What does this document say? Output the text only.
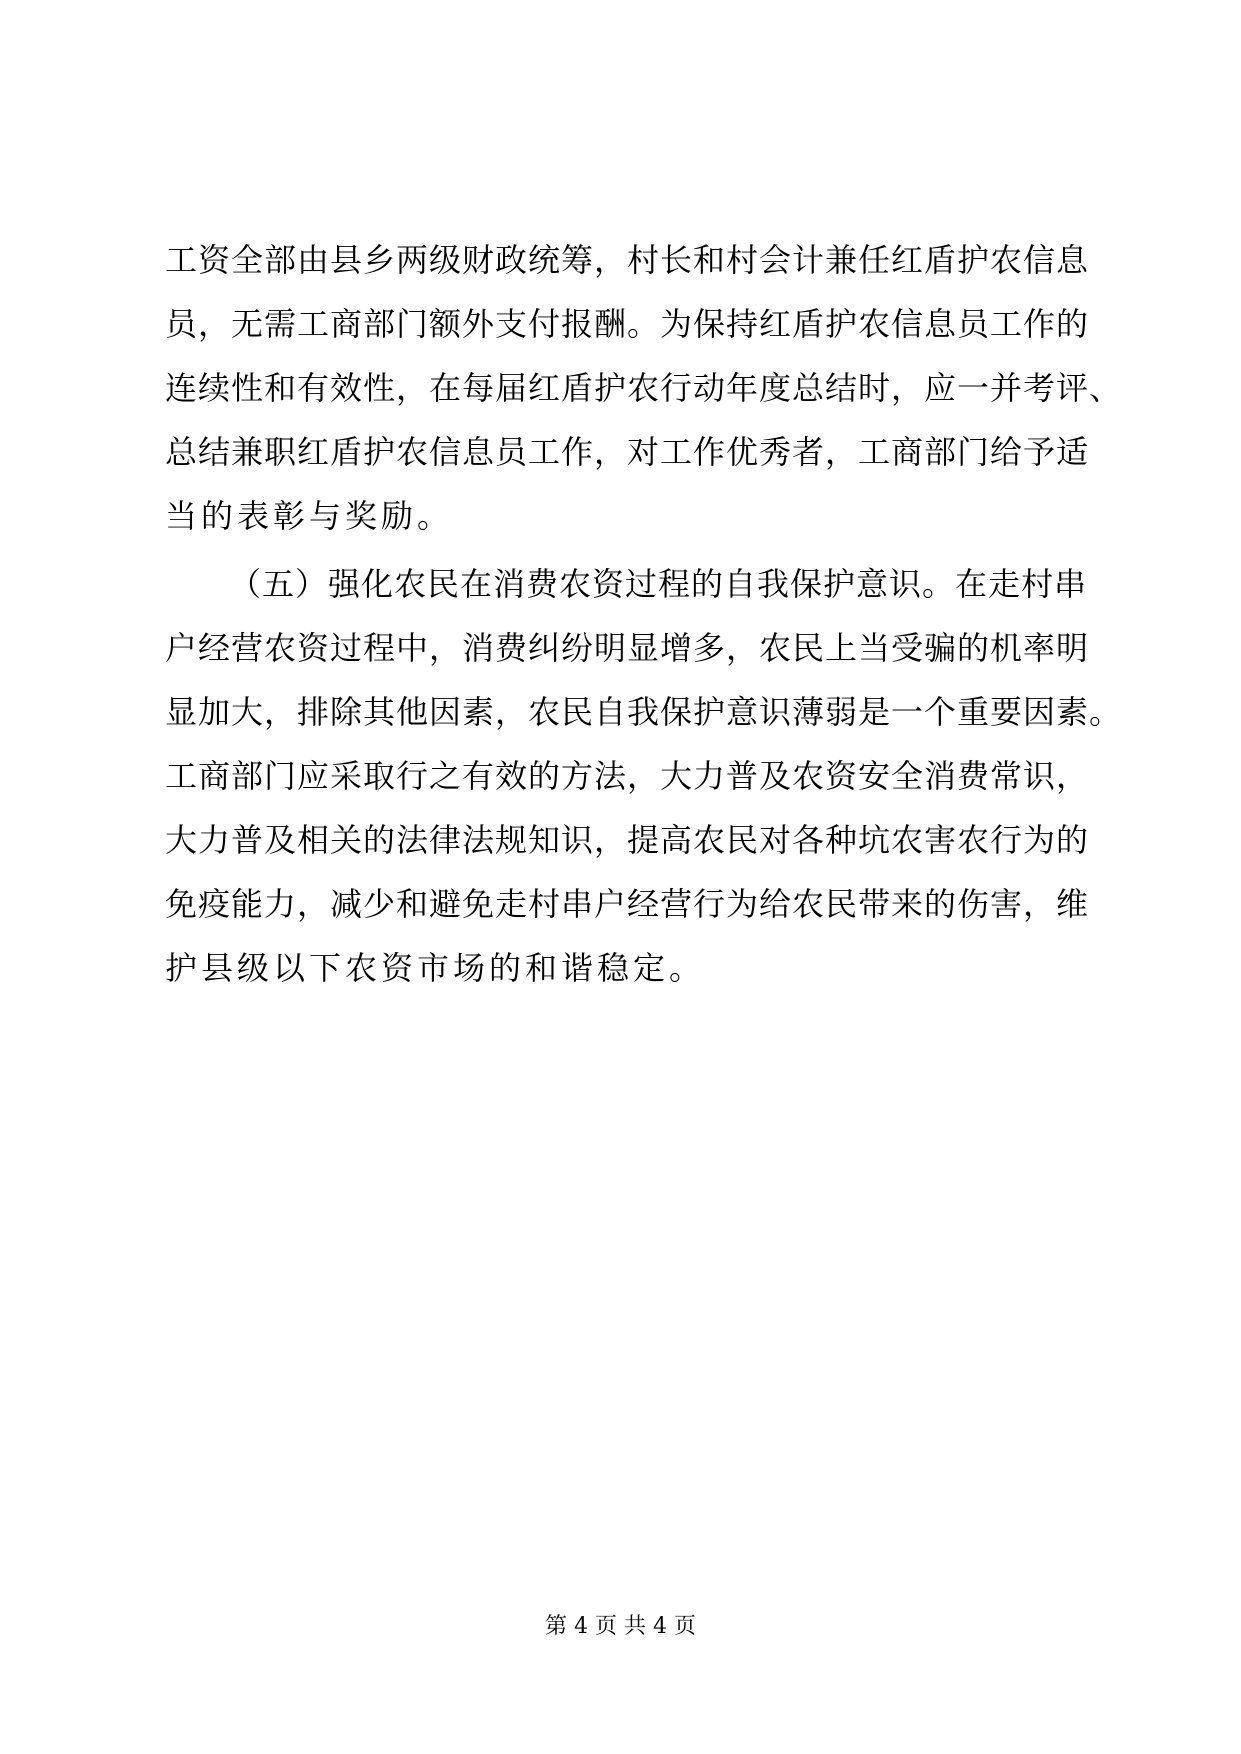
工资全部由县乡两级财政统筹，村长和村会计兼任红盾护农信息
员，无需工商部门额外支付报酬。为保持红盾护农信息员工作的
连续性和有效性，在每届红盾护农行动年度总结时，应一并考评、
总结兼职红盾护农信息员工作，对工作优秀者，工商部门给予适
当的表彰与奖励。
（五）强化农民在消费农资过程的自我保护意识。在走村串
户经营农资过程中，消费纠纷明显增多，农民上当受骗的机率明
显加大，排除其他因素，农民自我保护意识薄弱是一个重要因素。
工商部门应采取行之有效的方法，大力普及农资安全消费常识，
大力普及相关的法律法规知识，提高农民对各种坑农害农行为的
免疫能力，减少和避免走村串户经营行为给农民带来的伤害，维
护县级以下农资市场的和谐稳定。
第 4 页 共 4 页
